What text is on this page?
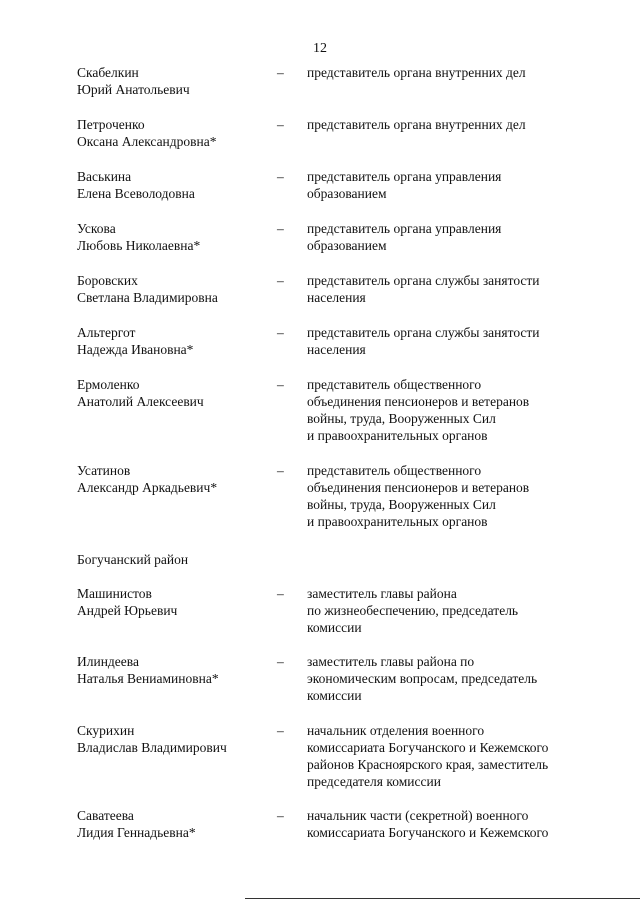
12
Скабелкин
Юрий Анатольевич
– представитель органа внутренних дел
Петроченко
Оксана Александровна*
– представитель органа внутренних дел
Васькина
Елена Всеволодовна
– представитель органа управления
образованием
Ускова
Любовь Николаевна*
– представитель органа управления
образованием
Боровских
Светлана Владимировна
– представитель органа службы занятости
населения
Альтергот
Надежда Ивановна*
– представитель органа службы занятости
населения
Ермоленко
Анатолий Алексеевич
– представитель общественного
объединения пенсионеров и ветеранов
войны, труда, Вооруженных Сил
и правоохранительных органов
Усатинов
Александр Аркадьевич*
– представитель общественного
объединения пенсионеров и ветеранов
войны, труда, Вооруженных Сил
и правоохранительных органов
Машинистов
Андрей Юрьевич
– заместитель главы района
по жизнеобеспечению, председатель
комиссии
Илиндеева
Наталья Вениаминовна*
– заместитель главы района по
экономическим вопросам, председатель
комиссии
Скурихин
Владислав Владимирович
– начальник отделения военного
комиссариата Богучанского и Кежемского
районов Красноярского края, заместитель
председателя комиссии
Саватеева
Лидия Геннадьевна*
– начальник части (секретной) военного
комиссариата Богучанского и Кежемского
Богучанский район
